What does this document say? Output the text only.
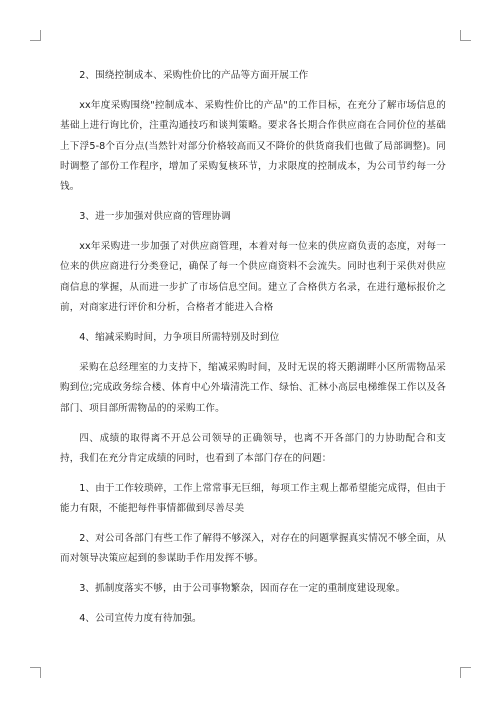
2、围绕控制成本、采购性价比的产品等方面开展工作

xx年度采购围绕"控制成本、采购性价比的产品"的工作目标，在充分了解市场信息的基础上进行询比价，注重沟通技巧和谈判策略。要求各长期合作供应商在合同价位的基础上下浮5-8个百分点(当然针对部分价格较高而又不降价的供货商我们也做了局部调整)。同时调整了部份工作程序，增加了采购复核环节，力求限度的控制成本，为公司节约每一分钱。

3、进一步加强对供应商的管理协调

xx年采购进一步加强了对供应商管理，本着对每一位来的供应商负责的态度，对每一位来的供应商进行分类登记，确保了每一个供应商资料不会流失。同时也利于采供对供应商信息的掌握，从而进一步扩了市场信息空间。建立了合格供方名录，在进行邀标报价之前，对商家进行评价和分析，合格者才能进入合格

4、缩减采购时间，力争项目所需特别及时到位

采购在总经理室的力支持下，缩减采购时间，及时无误的将天鹅湖畔小区所需物品采购到位;完成政务综合楼、体育中心外墙清洗工作、绿怡、汇林小高层电梯维保工作以及各部门、项目部所需物品的的采购工作。

四、成绩的取得离不开总公司领导的正确领导，也离不开各部门的力协助配合和支持，我们在充分肯定成绩的同时，也看到了本部门存在的问题：

1、由于工作较琐碎，工作上常常事无巨细，每项工作主观上都希望能完成得，但由于能力有限，不能把每件事情都做到尽善尽美

2、对公司各部门有些工作了解得不够深入，对存在的问题掌握真实情况不够全面，从而对领导决策应起到的参谋助手作用发挥不够。

3、抓制度落实不够，由于公司事物繁杂，因而存在一定的重制度建设现象。

4、公司宣传力度有待加强。
